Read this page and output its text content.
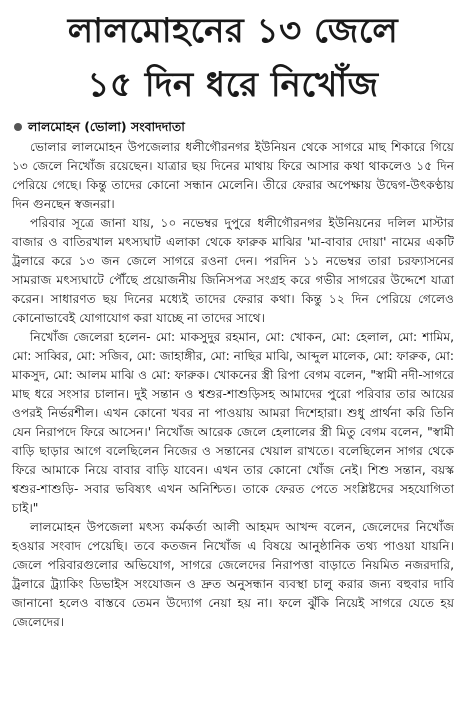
লালমোহনের ১৩ জেলে
১৫ দিন ধরে নিখোঁজ
লালমোহন (ভোলা) সংবাদদাতা

ভোলার লালমোহন উপজেলার ধলীগৌরনগর ইউনিয়ন থেকে সাগরে মাছ শিকারে গিয়ে ১৩ জেলে নিখোঁজ রয়েছেন। যাত্রার ছয় দিনের মাথায় ফিরে আসার কথা থাকলেও ১৫ দিন পেরিয়ে গেছে। কিন্তু তাদের কোনো সন্ধান মেলেনি। তীরে ফেরার অপেক্ষায় উদ্বেগ-উৎকণ্ঠায় দিন গুনছেন স্বজনরা।

পরিবার সূত্রে জানা যায়, ১০ নভেম্বর দুপুরে ধলীগৌরনগর ইউনিয়নের দলিল মাস্টার বাজার ও বাতিরখাল মৎস্যঘাট এলাকা থেকে ফারুক মাঝির 'মা-বাবার দোয়া' নামের একটি ট্রলারে করে ১৩ জন জেলে সাগরে রওনা দেন। পরদিন ১১ নভেম্বর তারা চরফ্যাসনের সামরাজ মৎস্যঘাটে পৌঁছে প্রয়োজনীয় জিনিসপত্র সংগ্রহ করে গভীর সাগরের উদ্দেশে যাত্রা করেন। সাধারণত ছয় দিনের মধ্যেই তাদের ফেরার কথা। কিন্তু ১২ দিন পেরিয়ে গেলেও কোনোভাবেই যোগাযোগ করা যাচ্ছে না তাদের সাথে।

নিখোঁজ জেলেরা হলেন- মো: মাকসুদুর রহমান, মো: খোকন, মো: হেলাল, মো: শামিম, মো: সাব্বির, মো: সজিব, মো: জাহাঙ্গীর, মো: নাছির মাঝি, আব্দুল মালেক, মো: ফারুক, মো: মাকসুদ, মো: আলম মাঝি ও মো: ফারুক। খোকনের স্ত্রী রিপা বেগম বলেন, "স্বামী নদী-সাগরে মাছ ধরে সংসার চালান। দুই সন্তান ও শ্বশুর-শাশুড়িসহ আমাদের পুরো পরিবার তার আয়ের ওপরই নির্ভরশীল। এখন কোনো খবর না পাওয়ায় আমরা দিশেহারা। শুধু প্রার্থনা করি তিনি যেন নিরাপদে ফিরে আসেন।' নিখোঁজ আরেক জেলে হেলালের স্ত্রী মিতু বেগম বলেন, "স্বামী বাড়ি ছাড়ার আগে বলেছিলেন নিজের ও সন্তানের খেয়াল রাখতে। বলেছিলেন সাগর থেকে ফিরে আমাকে নিয়ে বাবার বাড়ি যাবেন। এখন তার কোনো খোঁজ নেই। শিশু সন্তান, বয়স্ক শ্বশুর-শাশুড়ি- সবার ভবিষ্যৎ এখন অনিশ্চিত। তাকে ফেরত পেতে সংশ্লিষ্টদের সহযোগিতা চাই।"

লালমোহন উপজেলা মৎস্য কর্মকর্তা আলী আহমদ আখন্দ বলেন, জেলেদের নিখোঁজ হওয়ার সংবাদ পেয়েছি। তবে কতজন নিখোঁজ এ বিষয়ে আনুষ্ঠানিক তথ্য পাওয়া যায়নি। জেলে পরিবারগুলোর অভিযোগ, সাগরে জেলেদের নিরাপত্তা বাড়াতে নিয়মিত নজরদারি, ট্রলারে ট্র্যাকিং ডিভাইস সংযোজন ও দ্রুত অনুসন্ধান ব্যবস্থা চালু করার জন্য বহুবার দাবি জানানো হলেও বাস্তবে তেমন উদ্যোগ নেয়া হয় না। ফলে ঝুঁকি নিয়েই সাগরে যেতে হয় জেলেদের।
